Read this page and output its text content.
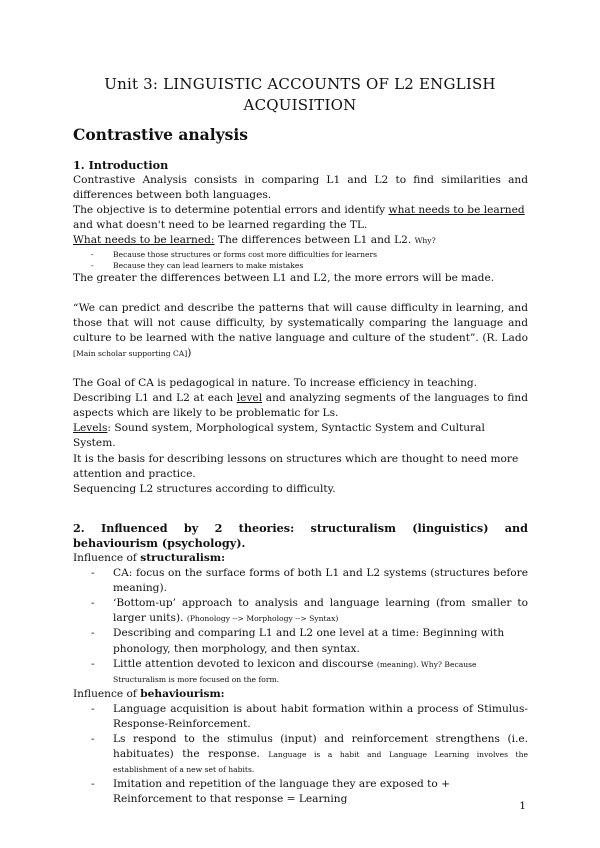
Unit 3: LINGUISTIC ACCOUNTS OF L2 ENGLISH
ACQUISITION
Contrastive analysis

1. Introduction

Contrastive Analysis consists in comparing L1 and L2 to find similarities and differences between both languages.

The objective is to determine potential errors and identify what needs to be learned and what doesn't need to be learned regarding the TL.

What needs to be learned: The differences between L1 and L2. Why?

- Because those structures or forms cost more difficulties for learners
- Because they can lead learners to make mistakes

The greater the differences between L1 and L2, the more errors will be made.

“We can predict and describe the patterns that will cause difficulty in learning, and those that will not cause difficulty, by systematically comparing the language and culture to be learned with the native language and culture of the student”. (R. Lado [Main scholar supporting CA])

The Goal of CA is pedagogical in nature. To increase efficiency in teaching.

Describing L1 and L2 at each level and analyzing segments of the languages to find aspects which are likely to be problematic for Ls.

Levels: Sound system, Morphological system, Syntactic System and Cultural System.

It is the basis for describing lessons on structures which are thought to need more attention and practice.

Sequencing L2 structures according to difficulty.

2. Influenced by 2 theories: structuralism (linguistics) and behaviourism (psychology).

Influence of structuralism:

- CA: focus on the surface forms of both L1 and L2 systems (structures before meaning).
- ‘Bottom-up’ approach to analysis and language learning (from smaller to larger units). (Phonology --> Morphology --> Syntax)
- Describing and comparing L1 and L2 one level at a time: Beginning with phonology, then morphology, and then syntax.
- Little attention devoted to lexicon and discourse (meaning). Why? Because Structuralism is more focused on the form.

Influence of behaviourism:

- Language acquisition is about habit formation within a process of Stimulus-Response-Reinforcement.
- Ls respond to the stimulus (input) and reinforcement strengthens (i.e. habituates) the response. Language is a habit and Language Learning involves the establishment of a new set of habits.
- Imitation and repetition of the language they are exposed to + Reinforcement to that response = Learning
1
